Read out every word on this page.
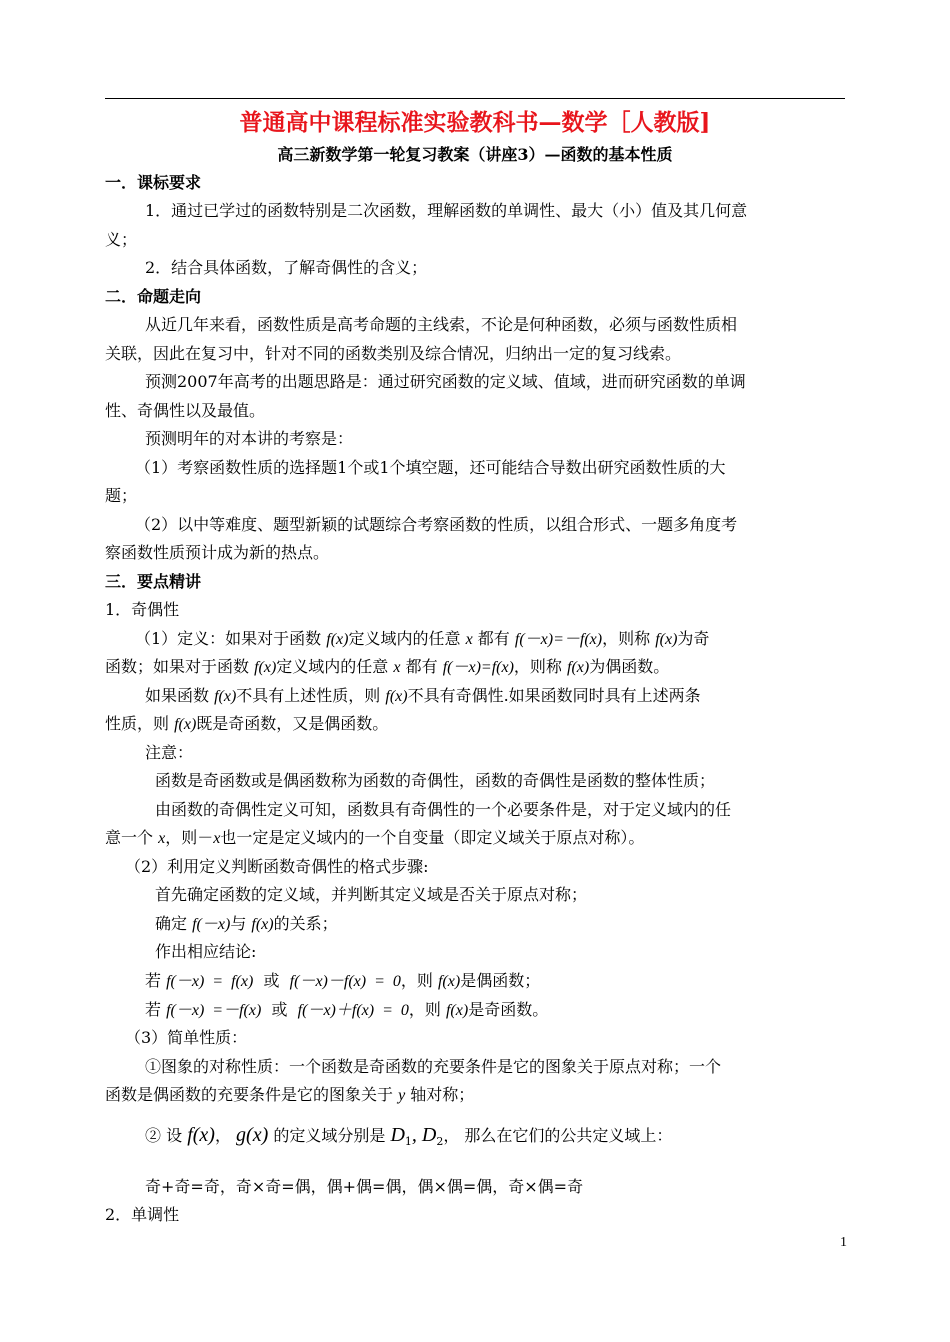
普通高中课程标准实验教科书—数学［人教版]
高三新数学第一轮复习教案（讲座3）—函数的基本性质
一．课标要求
1．通过已学过的函数特别是二次函数，理解函数的单调性、最大（小）值及其几何意
义；
2．结合具体函数，了解奇偶性的含义；
二．命题走向
从近几年来看，函数性质是高考命题的主线索，不论是何种函数，必须与函数性质相
关联，因此在复习中，针对不同的函数类别及综合情况，归纳出一定的复习线索。
预测2007年高考的出题思路是：通过研究函数的定义域、值域，进而研究函数的单调
性、奇偶性以及最值。
预测明年的对本讲的考察是：
（1）考察函数性质的选择题1个或1个填空题，还可能结合导数出研究函数性质的大
题；
（2）以中等难度、题型新颖的试题综合考察函数的性质，以组合形式、一题多角度考
察函数性质预计成为新的热点。
三．要点精讲
1．奇偶性
（1）定义：如果对于函数 f(x)定义域内的任意 x 都有 f(－x)=－f(x)，则称 f(x)为奇
函数；如果对于函数 f(x)定义域内的任意 x 都有 f(－x)=f(x)，则称 f(x)为偶函数。
如果函数 f(x)不具有上述性质，则 f(x)不具有奇偶性.如果函数同时具有上述两条
性质，则 f(x)既是奇函数，又是偶函数。
注意：
函数是奇函数或是偶函数称为函数的奇偶性，函数的奇偶性是函数的整体性质；
由函数的奇偶性定义可知，函数具有奇偶性的一个必要条件是，对于定义域内的任
意一个 x，则－x也一定是定义域内的一个自变量（即定义域关于原点对称）。
（2）利用定义判断函数奇偶性的格式步骤:
首先确定函数的定义域，并判断其定义域是否关于原点对称；
确定 f(－x)与 f(x)的关系；
作出相应结论:
若 f(－x)  =  f(x)  或  f(－x)－f(x)  =  0，则 f(x)是偶函数；
若 f(－x)  =－f(x)  或  f(－x)＋f(x)  =  0，则 f(x)是奇函数。
（3）简单性质：
①图象的对称性质：一个函数是奇函数的充要条件是它的图象关于原点对称；一个
函数是偶函数的充要条件是它的图象关于 y 轴对称；
② 设 f(x)， g(x) 的定义域分别是 $D_1$, $D_2$， 那么在它们的公共定义域上：
奇+奇=奇，奇×奇=偶，偶+偶=偶，偶×偶=偶，奇×偶=奇
2．单调性
1
